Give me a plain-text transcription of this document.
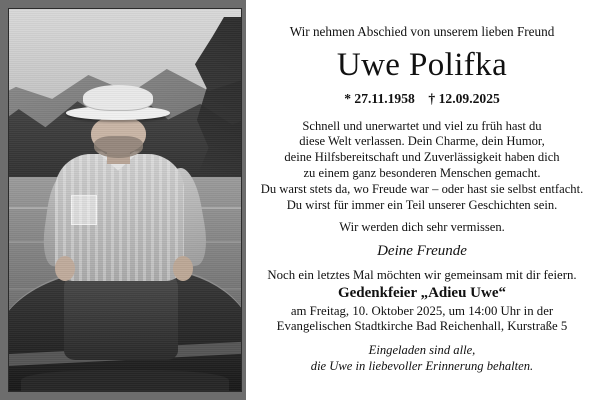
Wir nehmen Abschied von unserem lieben Freund
Uwe Polifka
* 27.11.1958 † 12.09.2025

Schnell und unerwartet und viel zu früh hast du

diese Welt verlassen. Dein Charme, dein Humor,

deine Hilfsbereitschaft und Zuverlässigkeit haben dich

zu einem ganz besonderen Menschen gemacht.

Du warst stets da, wo Freude war – oder hast sie selbst entfacht.

Du wirst für immer ein Teil unserer Geschichten sein.

Wir werden dich sehr vermissen.

Deine Freunde
Noch ein letztes Mal möchten wir gemeinsam mit dir feiern.
Gedenkfeier „Adieu Uwe“

am Freitag, 10. Oktober 2025, um 14:00 Uhr in der

Evangelischen Stadtkirche Bad Reichenhall, Kurstraße 5

Eingeladen sind alle,

die Uwe in liebevoller Erinnerung behalten.
